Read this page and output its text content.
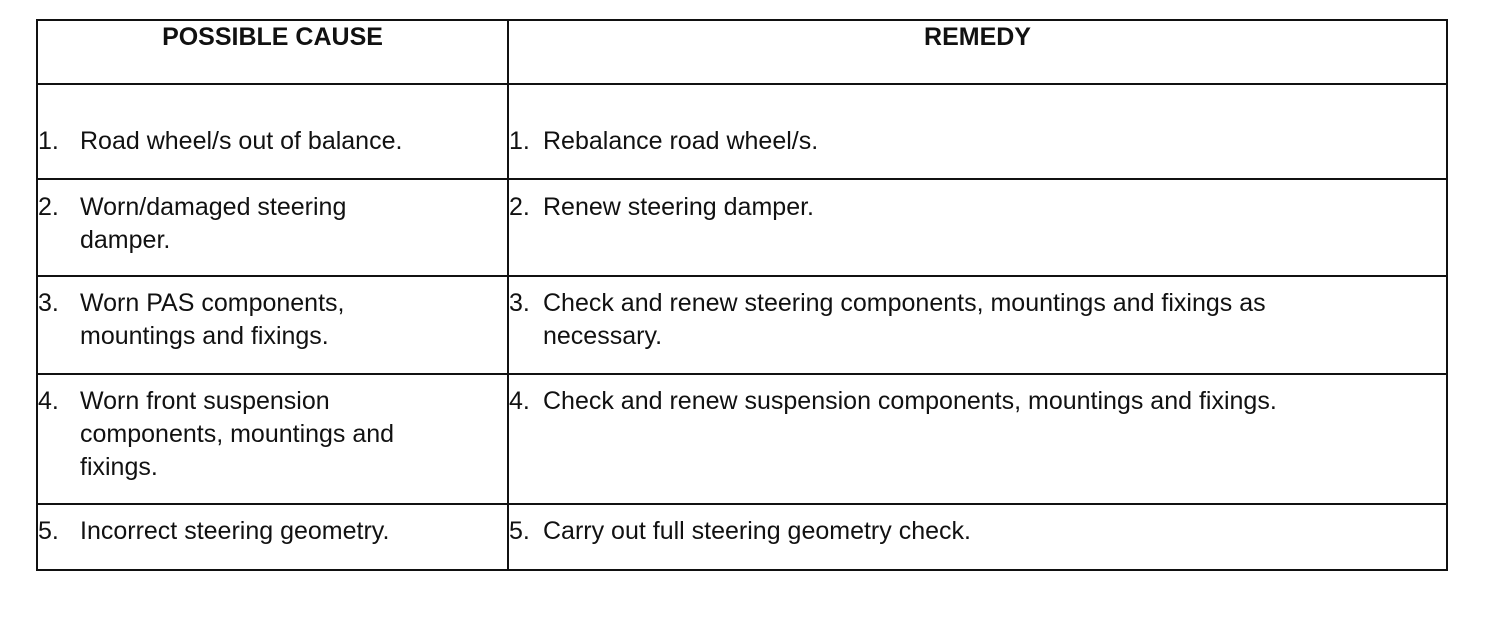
POSSIBLE CAUSE	REMEDY

1. Road wheel/s out of balance.	1. Rebalance road wheel/s.

2. Worn/damaged steering damper.	2. Renew steering damper.

3. Worn PAS components, mountings and fixings.	3. Check and renew steering components, mountings and fixings as necessary.

4. Worn front suspension components, mountings and fixings.	4. Check and renew suspension components, mountings and fixings.

5. Incorrect steering geometry.	5. Carry out full steering geometry check.
